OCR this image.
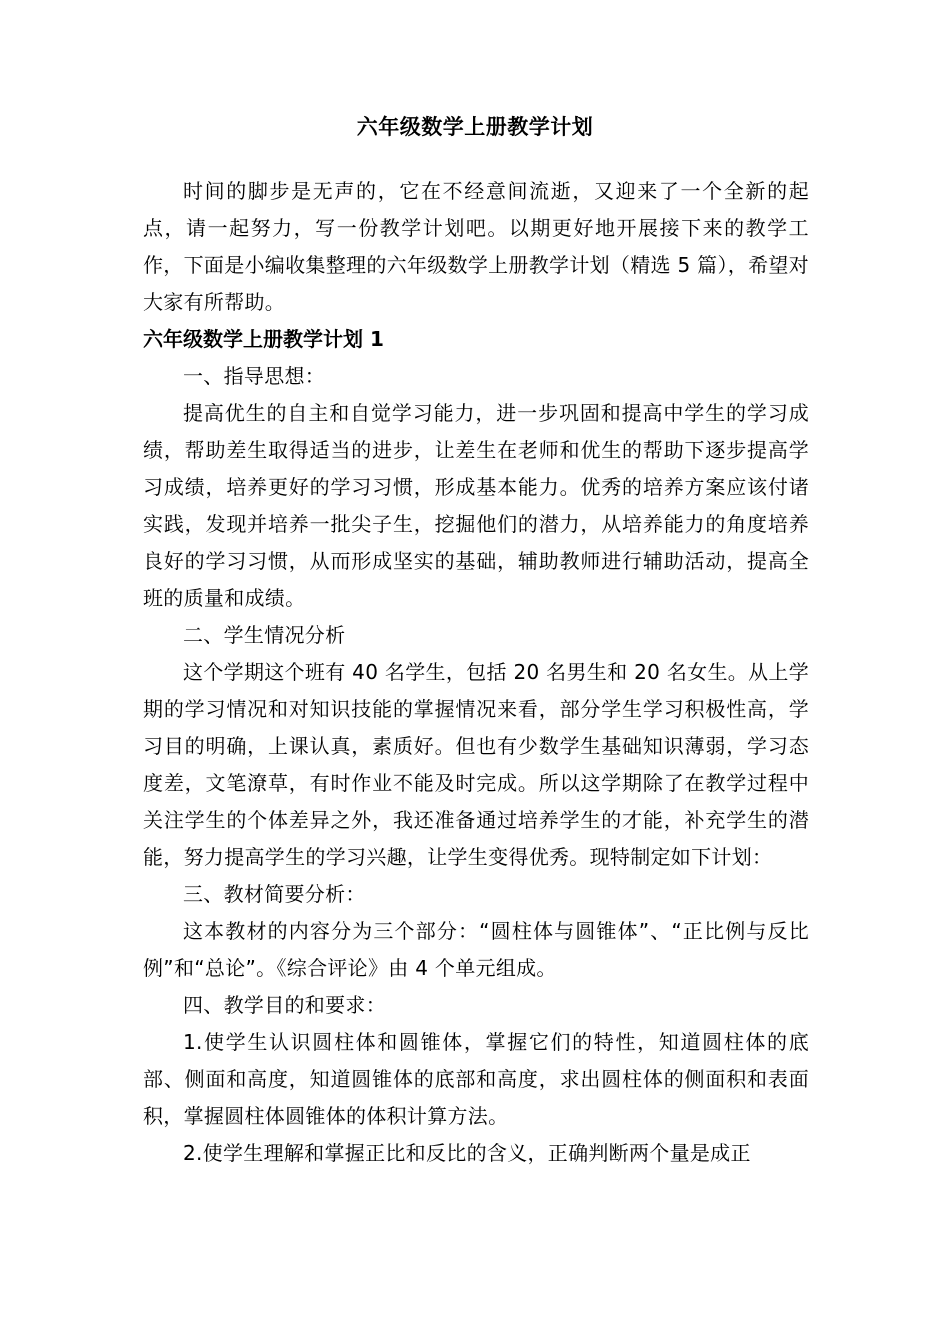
六年级数学上册教学计划

时间的脚步是无声的，它在不经意间流逝，又迎来了一个全新的起点，请一起努力，写一份教学计划吧。以期更好地开展接下来的教学工作，下面是小编收集整理的六年级数学上册教学计划（精选 5 篇），希望对大家有所帮助。

六年级数学上册教学计划 1

一、指导思想：

提高优生的自主和自觉学习能力，进一步巩固和提高中学生的学习成绩，帮助差生取得适当的进步，让差生在老师和优生的帮助下逐步提高学习成绩，培养更好的学习习惯，形成基本能力。优秀的培养方案应该付诸实践，发现并培养一批尖子生，挖掘他们的潜力，从培养能力的角度培养良好的学习习惯，从而形成坚实的基础，辅助教师进行辅助活动，提高全班的质量和成绩。

二、学生情况分析

这个学期这个班有 40 名学生，包括 20 名男生和 20 名女生。从上学期的学习情况和对知识技能的掌握情况来看，部分学生学习积极性高，学习目的明确，上课认真，素质好。但也有少数学生基础知识薄弱，学习态度差，文笔潦草，有时作业不能及时完成。所以这学期除了在教学过程中关注学生的个体差异之外，我还准备通过培养学生的才能，补充学生的潜能，努力提高学生的学习兴趣，让学生变得优秀。现特制定如下计划：

三、教材简要分析：

这本教材的内容分为三个部分：“圆柱体与圆锥体”、“正比例与反比例”和“总论”。《综合评论》由 4 个单元组成。

四、教学目的和要求：

1.使学生认识圆柱体和圆锥体，掌握它们的特性，知道圆柱体的底部、侧面和高度，知道圆锥体的底部和高度，求出圆柱体的侧面积和表面积，掌握圆柱体圆锥体的体积计算方法。

2.使学生理解和掌握正比和反比的含义，正确判断两个量是成正
